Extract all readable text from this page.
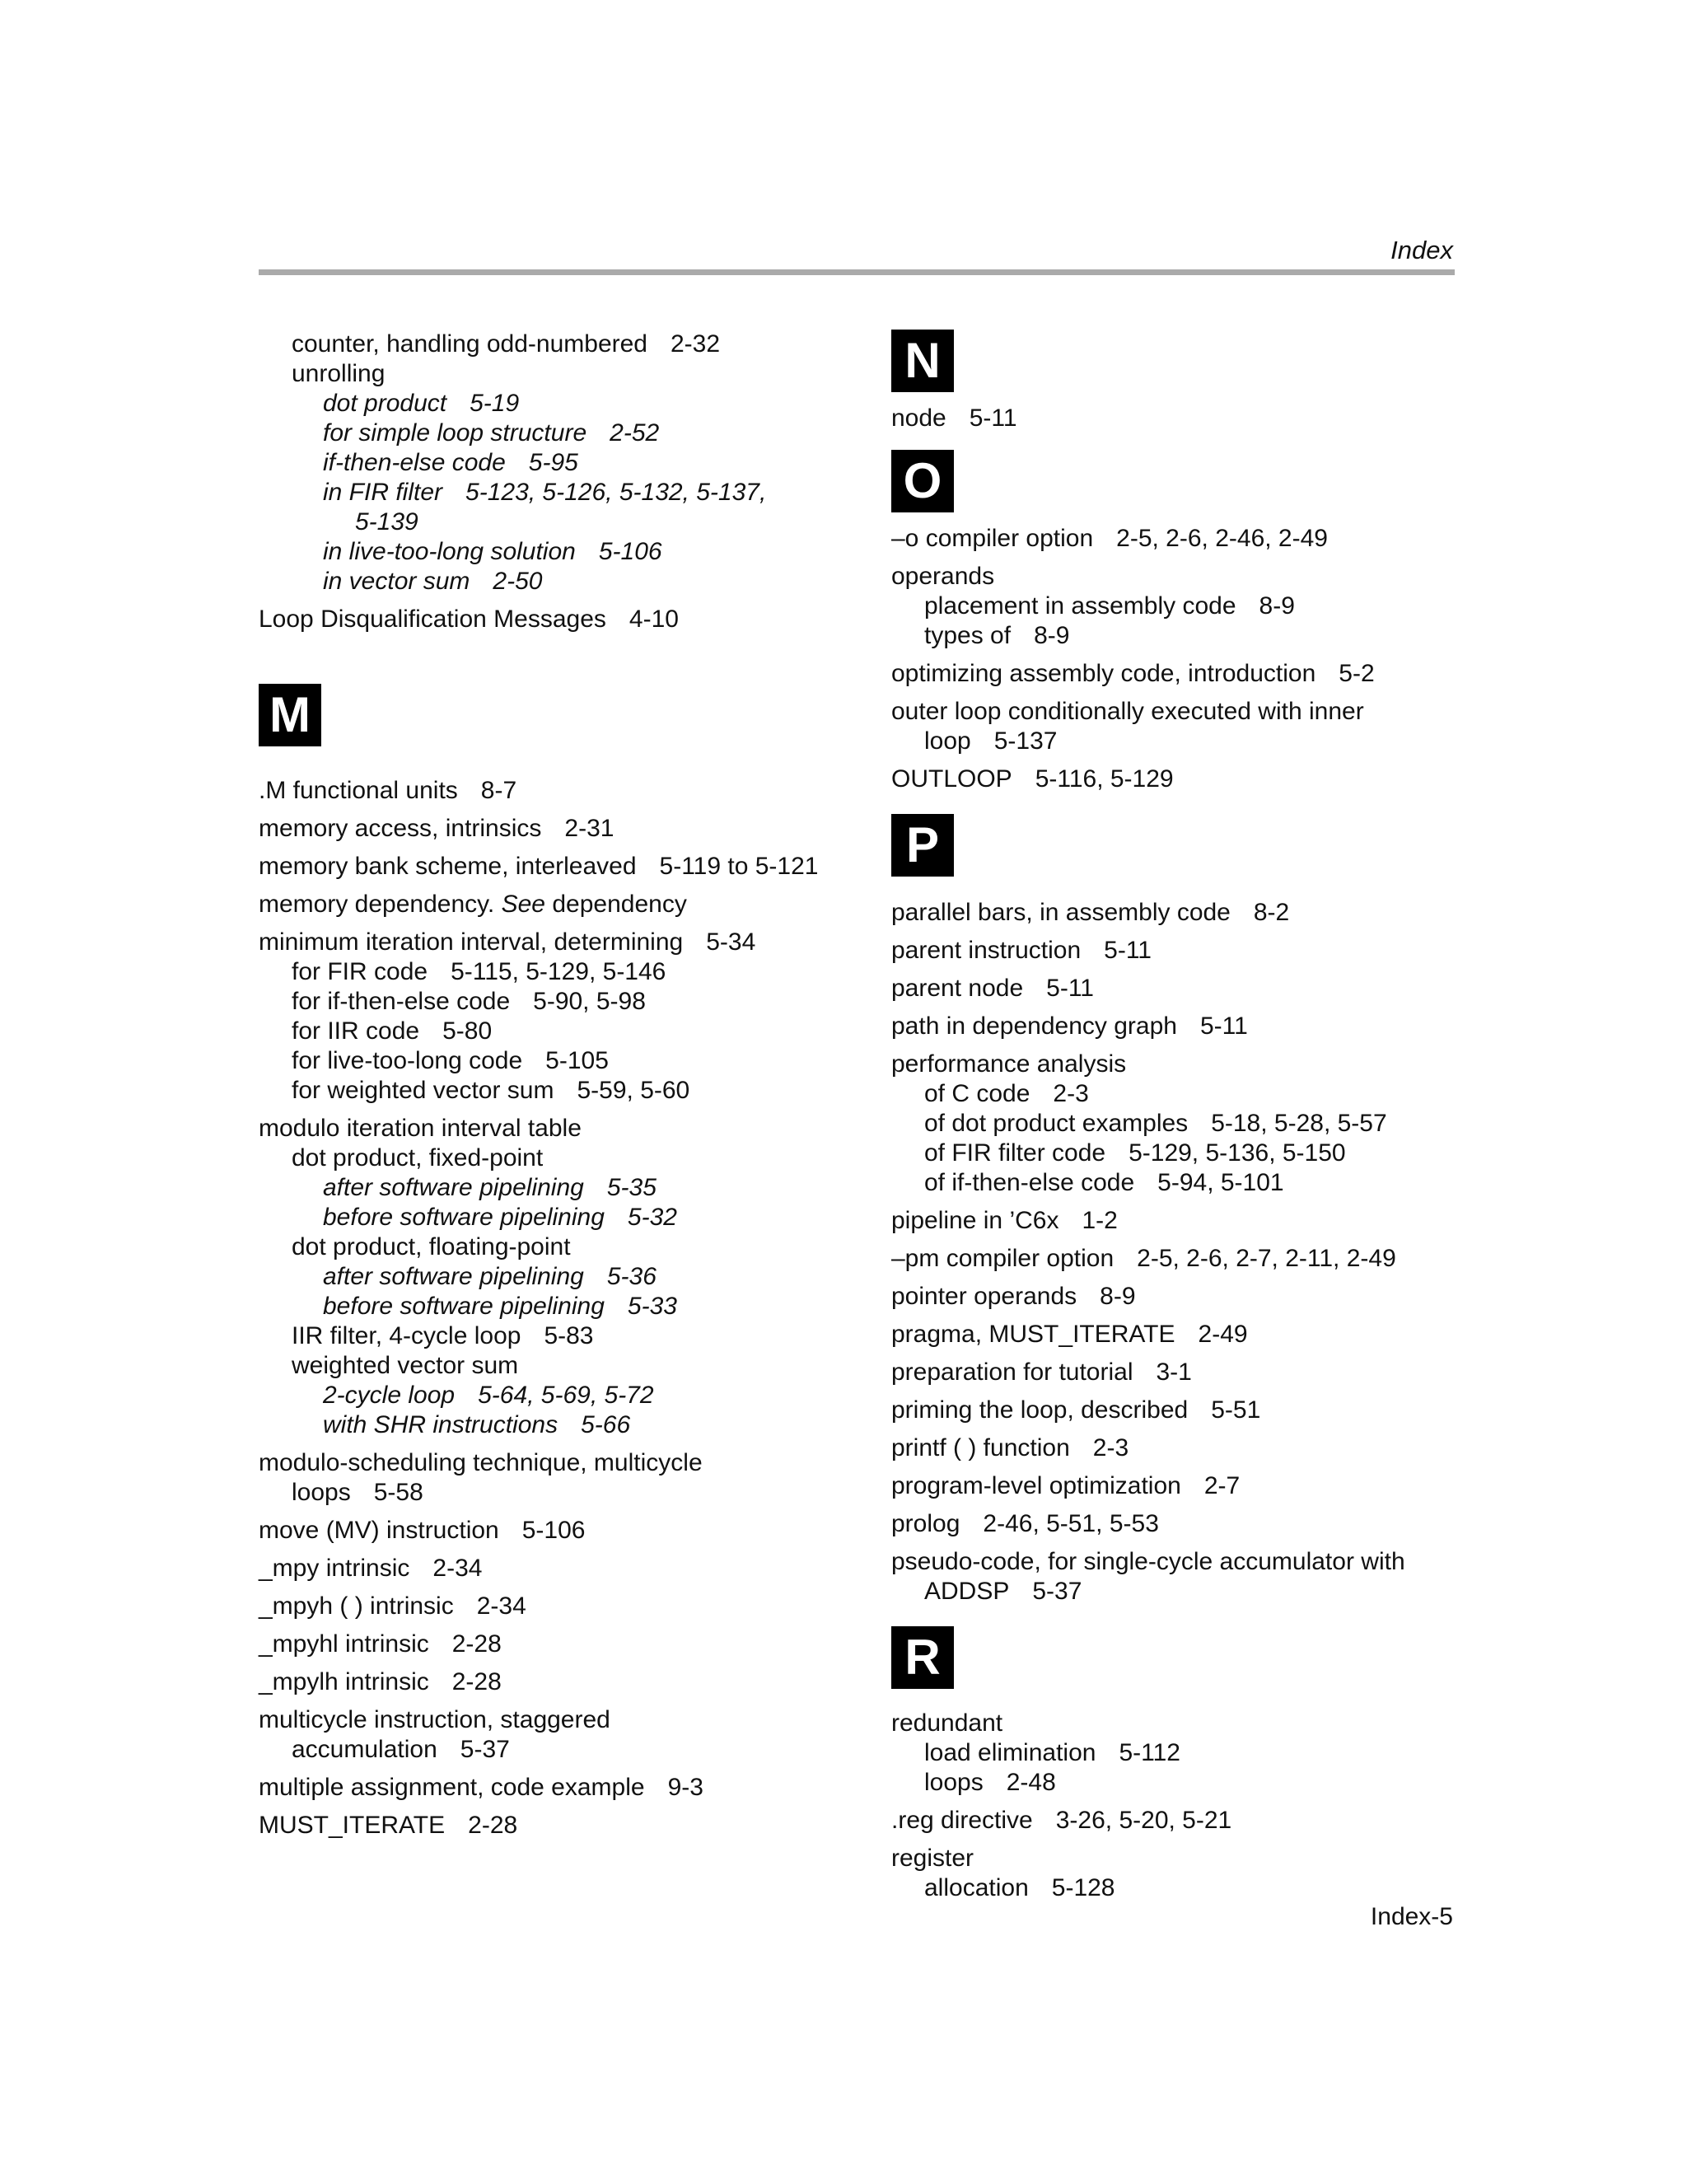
Index
counter, handling odd-numbered 2-32
unrolling
dot product 5-19
for simple loop structure 2-52
if-then-else code 5-95
in FIR filter 5-123, 5-126, 5-132, 5-137,
5-139
in live-too-long solution 5-106
in vector sum 2-50
Loop Disqualification Messages 4-10
M
.M functional units 8-7
memory access, intrinsics 2-31
memory bank scheme, interleaved 5-119 to 5-121
memory dependency. See dependency
minimum iteration interval, determining 5-34
for FIR code 5-115, 5-129, 5-146
for if-then-else code 5-90, 5-98
for IIR code 5-80
for live-too-long code 5-105
for weighted vector sum 5-59, 5-60
modulo iteration interval table
dot product, fixed-point
after software pipelining 5-35
before software pipelining 5-32
dot product, floating-point
after software pipelining 5-36
before software pipelining 5-33
IIR filter, 4-cycle loop 5-83
weighted vector sum
2-cycle loop 5-64, 5-69, 5-72
with SHR instructions 5-66
modulo-scheduling technique, multicycle
loops 5-58
move (MV) instruction 5-106
_mpy intrinsic 2-34
_mpyh ( ) intrinsic 2-34
_mpyhl intrinsic 2-28
_mpylh intrinsic 2-28
multicycle instruction, staggered
accumulation 5-37
multiple assignment, code example 9-3
MUST_ITERATE 2-28
N
node 5-11
O
–o compiler option 2-5, 2-6, 2-46, 2-49
operands
placement in assembly code 8-9
types of 8-9
optimizing assembly code, introduction 5-2
outer loop conditionally executed with inner
loop 5-137
OUTLOOP 5-116, 5-129
P
parallel bars, in assembly code 8-2
parent instruction 5-11
parent node 5-11
path in dependency graph 5-11
performance analysis
of C code 2-3
of dot product examples 5-18, 5-28, 5-57
of FIR filter code 5-129, 5-136, 5-150
of if-then-else code 5-94, 5-101
pipeline in ’C6x 1-2
–pm compiler option 2-5, 2-6, 2-7, 2-11, 2-49
pointer operands 8-9
pragma, MUST_ITERATE 2-49
preparation for tutorial 3-1
priming the loop, described 5-51
printf ( ) function 2-3
program-level optimization 2-7
prolog 2-46, 5-51, 5-53
pseudo-code, for single-cycle accumulator with
ADDSP 5-37
R
redundant
load elimination 5-112
loops 2-48
.reg directive 3-26, 5-20, 5-21
register
allocation 5-128
Index-5
